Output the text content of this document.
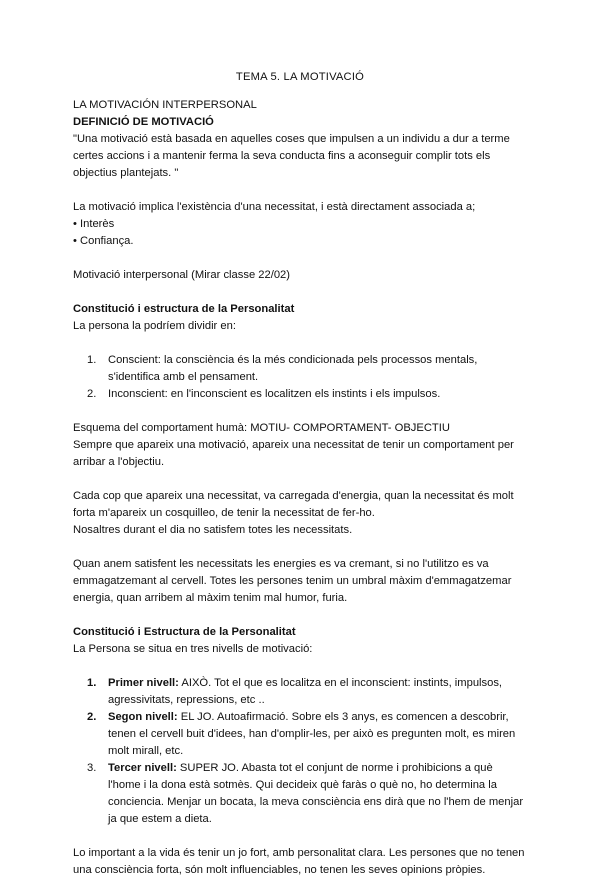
TEMA 5. LA MOTIVACIÓ

LA MOTIVACIÓN INTERPERSONAL

DEFINICIÓ DE MOTIVACIÓ

"Una motivació està basada en aquelles coses que impulsen a un individu a dur a terme

certes accions i a mantenir ferma la seva conducta fins a aconseguir complir tots els

objectius plantejats. "

La motivació implica l'existència d'una necessitat, i està directament associada a;

• Interès

• Confiança.

Motivació interpersonal (Mirar classe 22/02)

Constitució i estructura de la Personalitat

La persona la podríem dividir en:

1. Conscient: la consciència és la més condicionada pels processos mentals,
s'identifica amb el pensament.
2. Inconscient: en l'inconscient es localitzen els instints i els impulsos.

Esquema del comportament humà: MOTIU- COMPORTAMENT- OBJECTIU

Sempre que apareix una motivació, apareix una necessitat de tenir un comportament per

arribar a l'objectiu.

Cada cop que apareix una necessitat, va carregada d'energia, quan la necessitat és molt

forta m'apareix un cosquilleo, de tenir la necessitat de fer-ho.

Nosaltres durant el dia no satisfem totes les necessitats.

Quan anem satisfent les necessitats les energies es va cremant, si no l'utilitzo es va

emmagatzemant al cervell. Totes les persones tenim un umbral màxim d'emmagatzemar

energia, quan arribem al màxim tenim mal humor, furia.

Constitució i Estructura de la Personalitat

La Persona se situa en tres nivells de motivació:

1. Primer nivell: AIXÒ. Tot el que es localitza en el inconscient: instints, impulsos,
agressivitats, repressions, etc ..
2. Segon nivell: EL JO. Autoafirmació. Sobre els 3 anys, es comencen a descobrir,
tenen el cervell buit d'idees, han d'omplir-les, per això es pregunten molt, es miren
molt mirall, etc.
3. Tercer nivell: SUPER JO. Abasta tot el conjunt de norme i prohibicions a què
l'home i la dona està sotmès. Qui decideix què faràs o què no, ho determina la
conciencia. Menjar un bocata, la meva consciència ens dirà que no l'hem de menjar
ja que estem a dieta.

Lo important a la vida és tenir un jo fort, amb personalitat clara. Les persones que no tenen

una consciència forta, són molt influenciables, no tenen les seves opinions pròpies.
